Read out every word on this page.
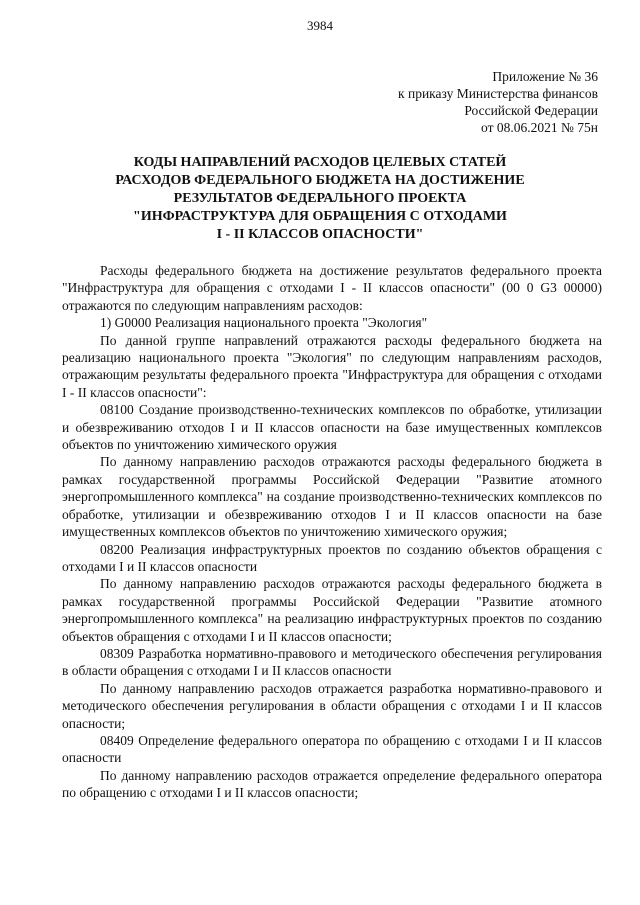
3984
Приложение № 36
к приказу Министерства финансов
Российской Федерации
от 08.06.2021 № 75н
КОДЫ НАПРАВЛЕНИЙ РАСХОДОВ ЦЕЛЕВЫХ СТАТЕЙ
РАСХОДОВ ФЕДЕРАЛЬНОГО БЮДЖЕТА НА ДОСТИЖЕНИЕ
РЕЗУЛЬТАТОВ ФЕДЕРАЛЬНОГО ПРОЕКТА
"ИНФРАСТРУКТУРА ДЛЯ ОБРАЩЕНИЯ С ОТХОДАМИ
I - II КЛАССОВ ОПАСНОСТИ"

Расходы федерального бюджета на достижение результатов федерального проекта "Инфраструктура для обращения с отходами I - II классов опасности" (00 0 G3 00000) отражаются по следующим направлениям расходов:

1) G0000 Реализация национального проекта "Экология"

По данной группе направлений отражаются расходы федерального бюджета на реализацию национального проекта "Экология" по следующим направлениям расходов, отражающим результаты федерального проекта "Инфраструктура для обращения с отходами I - II классов опасности":

08100 Создание производственно-технических комплексов по обработке, утилизации и обезвреживанию отходов I и II классов опасности на базе имущественных комплексов объектов по уничтожению химического оружия

По данному направлению расходов отражаются расходы федерального бюджета в рамках государственной программы Российской Федерации "Развитие атомного энергопромышленного комплекса" на создание производственно-технических комплексов по обработке, утилизации и обезвреживанию отходов I и II классов опасности на базе имущественных комплексов объектов по уничтожению химического оружия;

08200 Реализация инфраструктурных проектов по созданию объектов обращения с отходами I и II классов опасности

По данному направлению расходов отражаются расходы федерального бюджета в рамках государственной программы Российской Федерации "Развитие атомного энергопромышленного комплекса" на реализацию инфраструктурных проектов по созданию объектов обращения с отходами I и II классов опасности;

08309 Разработка нормативно-правового и методического обеспечения регулирования в области обращения с отходами I и II классов опасности

По данному направлению расходов отражается разработка нормативно-правового и методического обеспечения регулирования в области обращения с отходами I и II классов опасности;

08409 Определение федерального оператора по обращению с отходами I и II классов опасности

По данному направлению расходов отражается определение федерального оператора по обращению с отходами I и II классов опасности;
